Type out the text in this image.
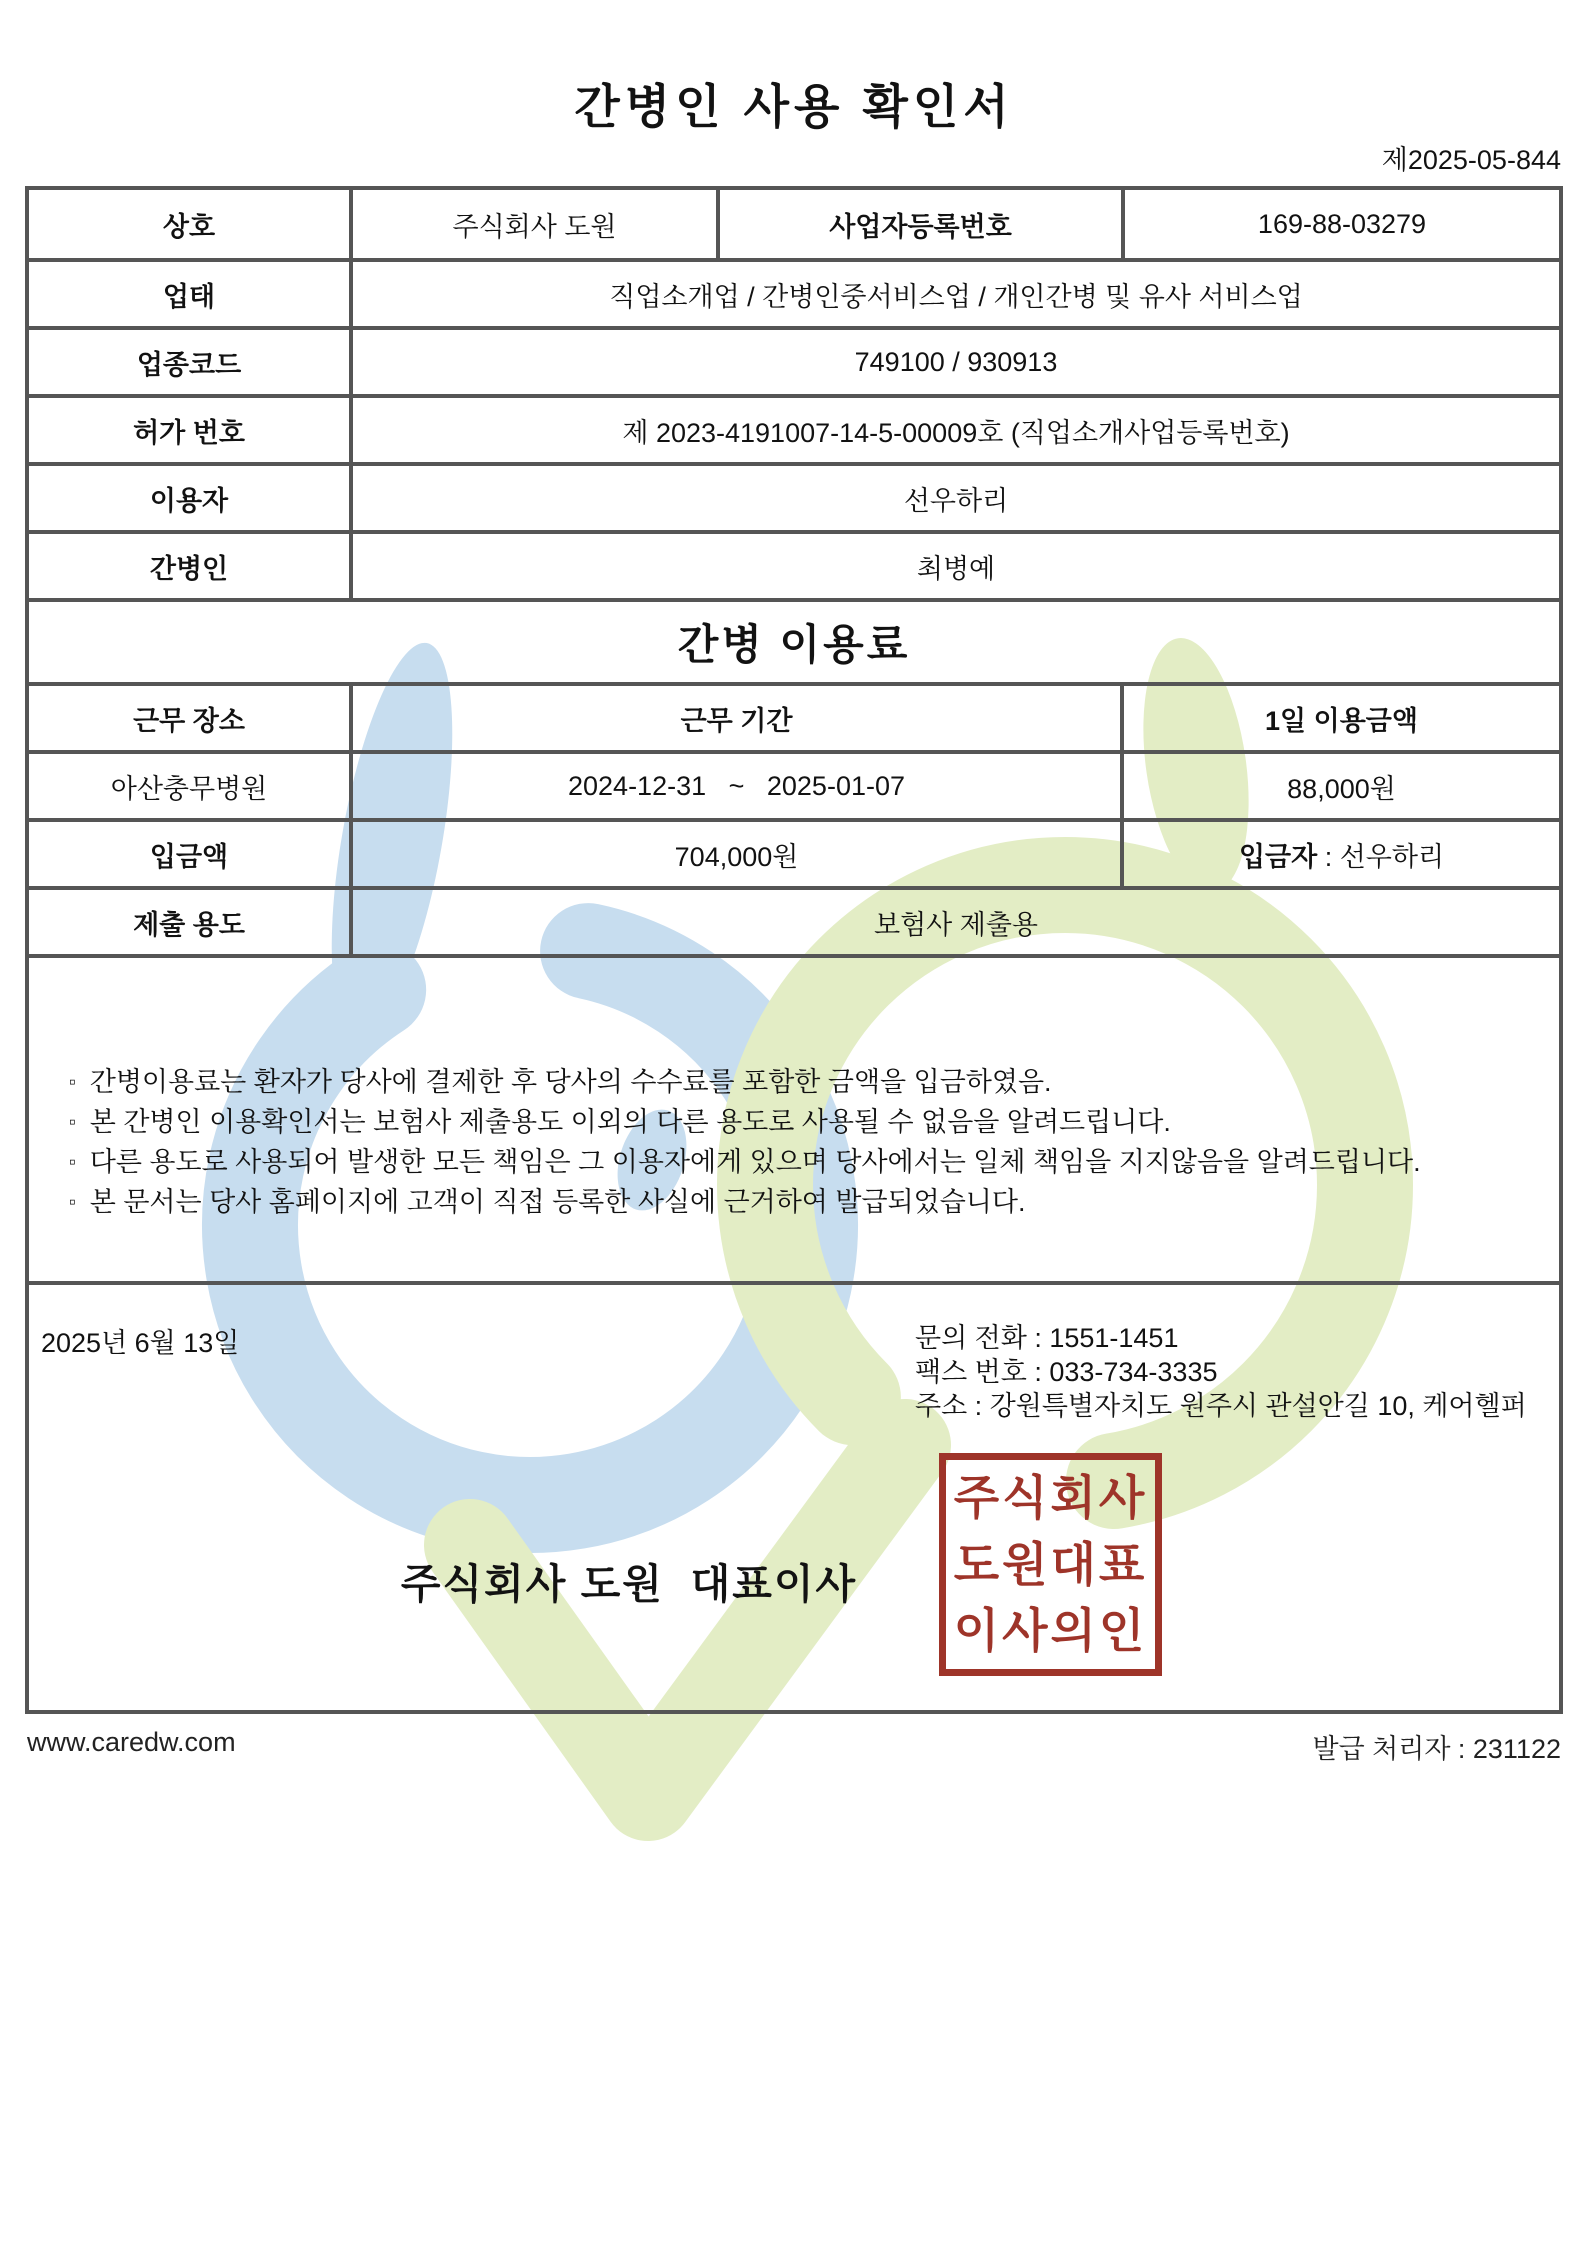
간병인 사용 확인서
제2025-05-844
상호	주식회사 도원	사업자등록번호	169-88-03279
업태	직업소개업 / 간병인중서비스업 / 개인간병 및 유사 서비스업
업종코드	749100 / 930913
허가 번호	제 2023-4191007-14-5-00009호 (직업소개사업등록번호)
이용자	선우하리
간병인	최병예
간병 이용료
근무 장소	근무 기간	1일 이용금액
아산충무병원	2024-12-31   ~   2025-01-07	88,000원
입금액	704,000원	입금자 : 선우하리
제출 용도	보험사 제출용
▫ 간병이용료는 환자가 당사에 결제한 후 당사의 수수료를 포함한 금액을 입금하였음.
▫ 본 간병인 이용확인서는 보험사 제출용도 이외의 다른 용도로 사용될 수 없음을 알려드립니다.
▫ 다른 용도로 사용되어 발생한 모든 책임은 그 이용자에게 있으며 당사에서는 일체 책임을 지지않음을 알려드립니다.
▫ 본 문서는 당사 홈페이지에 고객이 직접 등록한 사실에 근거하여 발급되었습니다.
2025년 6월 13일	문의 전화 : 1551-1451
팩스 번호 : 033-734-3335
주소 : 강원특별자치도 원주시 관설안길 10, 케어헬퍼
주식회사 도원  대표이사
주식회사
도원대표
이사의인
www.caredw.com	발급 처리자 : 231122
